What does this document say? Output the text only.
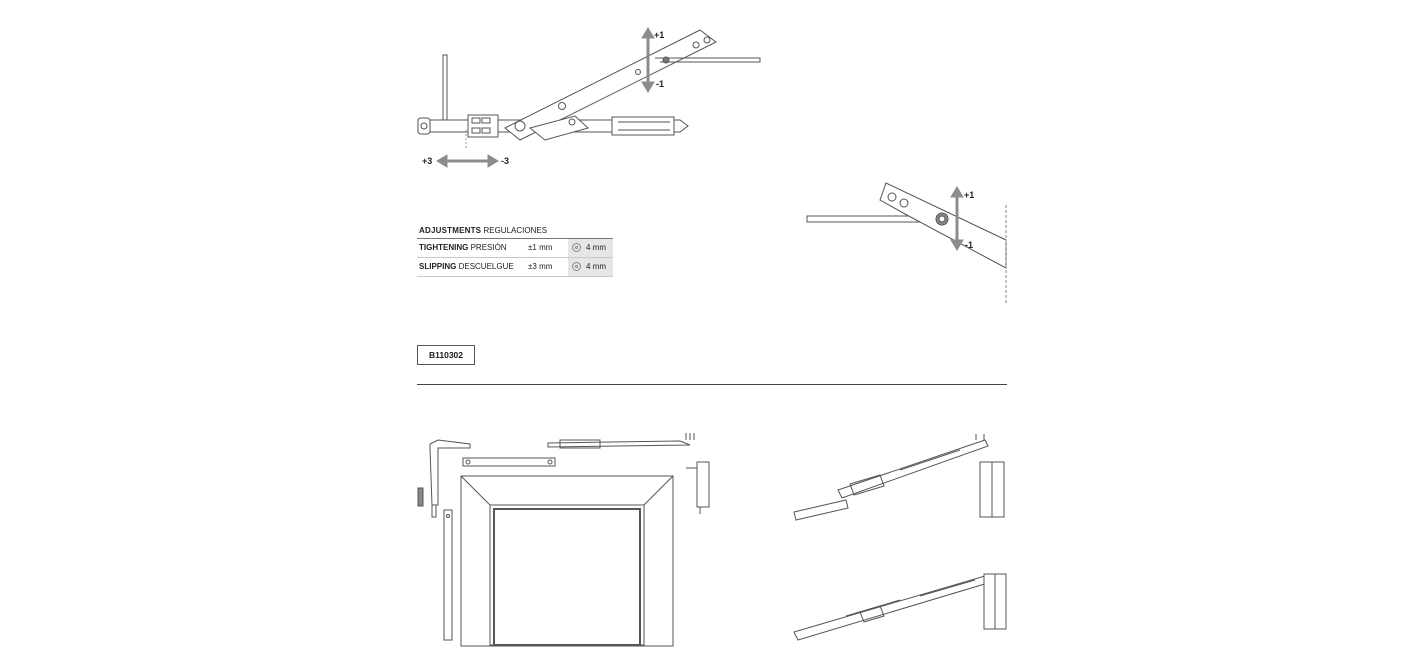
+1
-1
+3	-3
+1
-1
ADJUSTMENTS REGULACIONES
TIGHTENING PRESIÓN	±1 mm	4 mm
SLIPPING DESCUELGUE ±3 mm	4 mm
B110302
